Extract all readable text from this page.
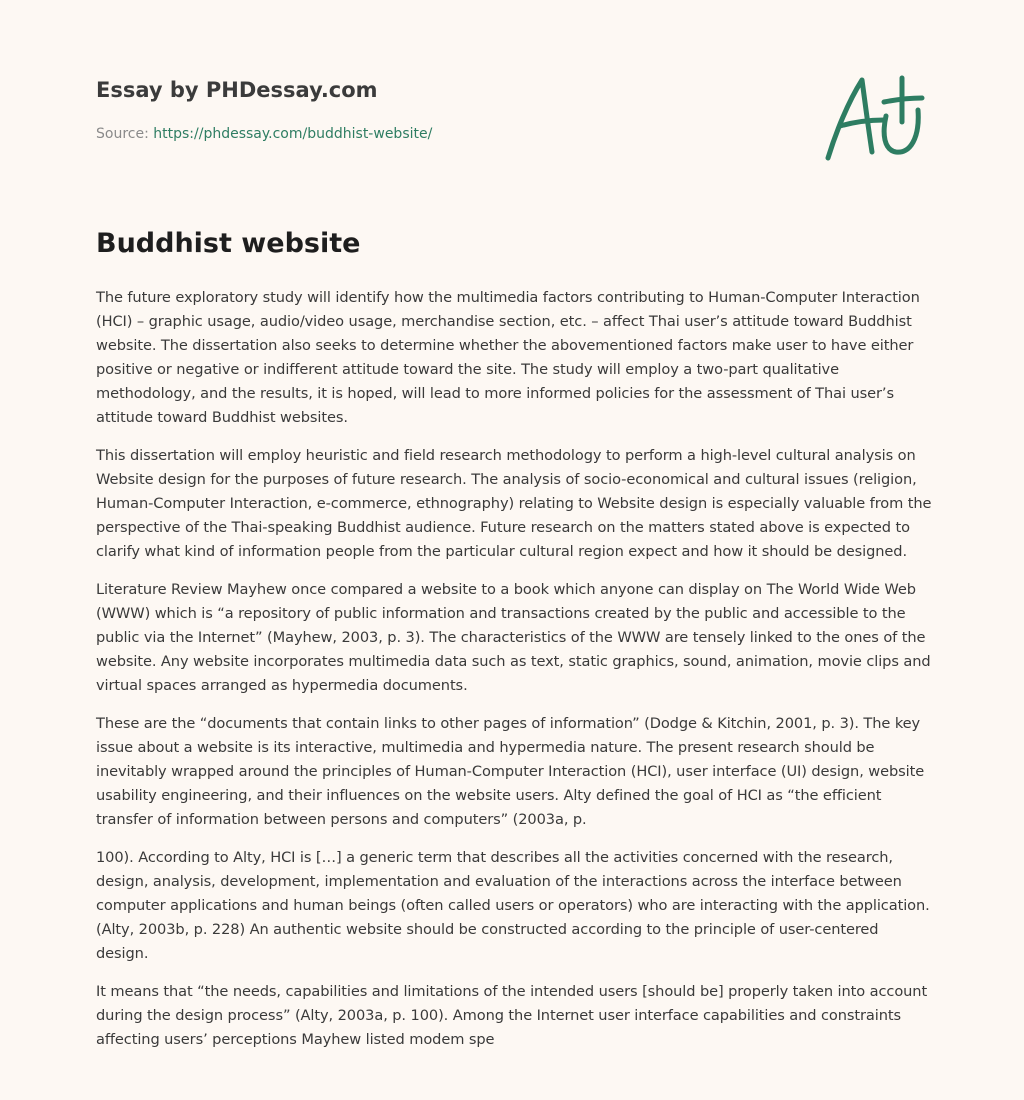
Essay by PHDessay.com
Source: https://phdessay.com/buddhist-website/
Buddhist website

The future exploratory study will identify how the multimedia factors contributing to Human-Computer Interaction (HCI) – graphic usage, audio/video usage, merchandise section, etc. – affect Thai user’s attitude toward Buddhist website. The dissertation also seeks to determine whether the abovementioned factors make user to have either positive or negative or indifferent attitude toward the site. The study will employ a two-part qualitative methodology, and the results, it is hoped, will lead to more informed policies for the assessment of Thai user’s attitude toward Buddhist websites.

This dissertation will employ heuristic and field research methodology to perform a high-level cultural analysis on Website design for the purposes of future research. The analysis of socio-economical and cultural issues (religion, Human-Computer Interaction, e-commerce, ethnography) relating to Website design is especially valuable from the perspective of the Thai-speaking Buddhist audience. Future research on the matters stated above is expected to clarify what kind of information people from the particular cultural region expect and how it should be designed.

Literature Review Mayhew once compared a website to a book which anyone can display on The World Wide Web (WWW) which is “a repository of public information and transactions created by the public and accessible to the public via the Internet” (Mayhew, 2003, p. 3). The characteristics of the WWW are tensely linked to the ones of the website. Any website incorporates multimedia data such as text, static graphics, sound, animation, movie clips and virtual spaces arranged as hypermedia documents.

These are the “documents that contain links to other pages of information” (Dodge & Kitchin, 2001, p. 3). The key issue about a website is its interactive, multimedia and hypermedia nature. The present research should be inevitably wrapped around the principles of Human-Computer Interaction (HCI), user interface (UI) design, website usability engineering, and their influences on the website users. Alty defined the goal of HCI as “the efficient transfer of information between persons and computers” (2003a, p.

100). According to Alty, HCI is […] a generic term that describes all the activities concerned with the research, design, analysis, development, implementation and evaluation of the interactions across the interface between computer applications and human beings (often called users or operators) who are interacting with the application. (Alty, 2003b, p. 228) An authentic website should be constructed according to the principle of user-centered design.

It means that “the needs, capabilities and limitations of the intended users [should be] properly taken into account during the design process” (Alty, 2003a, p. 100). Among the Internet user interface capabilities and constraints affecting users’ perceptions Mayhew listed modem spe
